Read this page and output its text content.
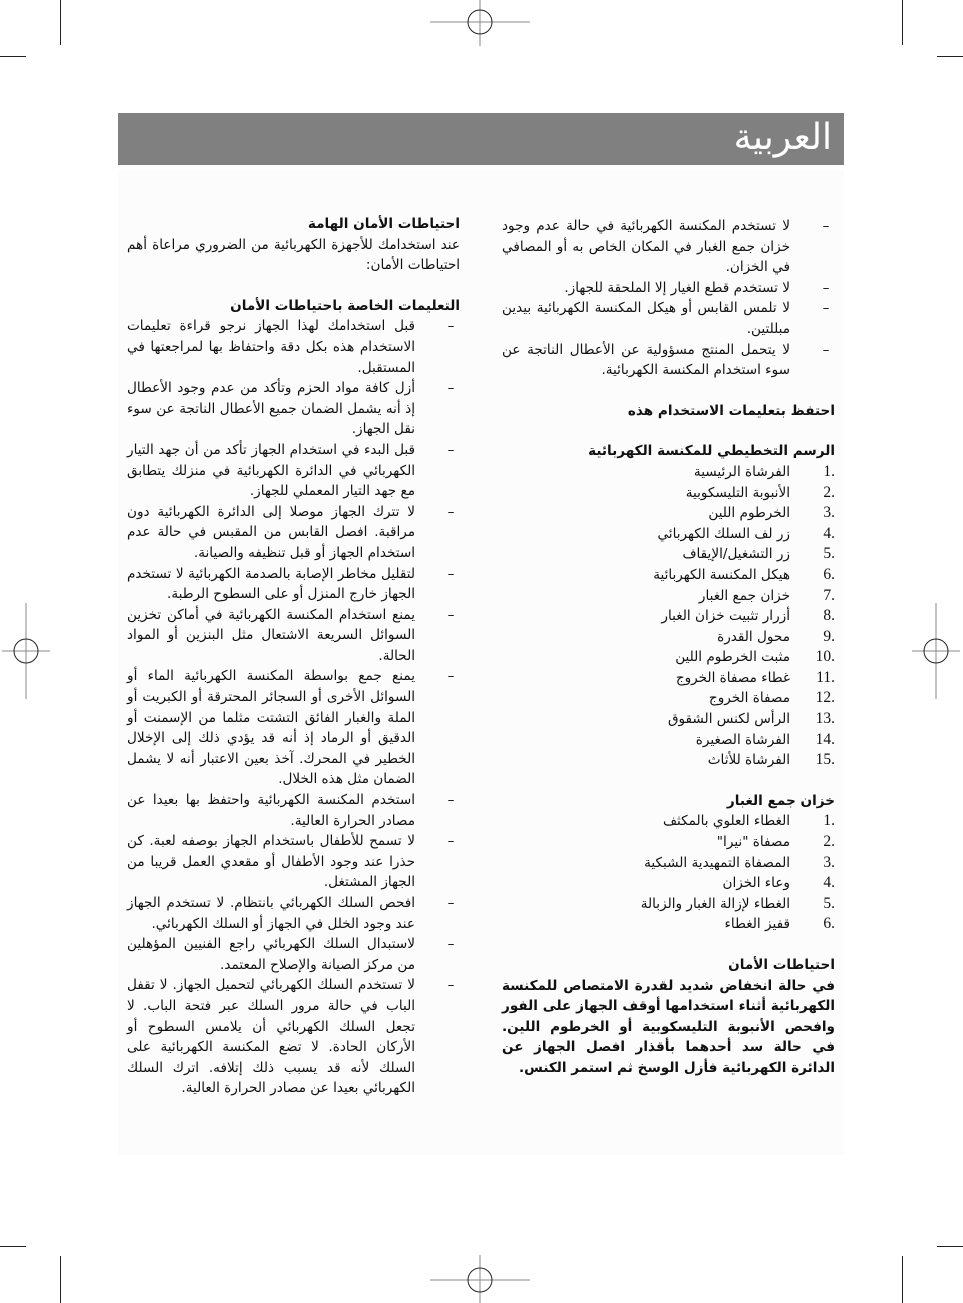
العربية
–
لا تستخدم المكنسة الكهربائية في حالة عدم وجود خزان جمع الغبار في المكان الخاص به أو المصافي في الخزان.
–
لا تستخدم قطع الغيار إلا الملحقة للجهاز.
–
لا تلمس القابس أو هيكل المكنسة الكهربائية بيدين مبللتين.
–
لا يتحمل المنتج مسؤولية عن الأعطال الناتجة عن سوء استخدام المكنسة الكهربائية.

احتفظ بتعليمات الاستخدام هذه

الرسم التخطيطي للمكنسة الكهربائية

1.
الفرشاة الرئيسية
2.
الأنبوبة التليسكوبية
3.
الخرطوم اللين
4.
زر لف السلك الكهربائي
5.
زر التشغيل/الإيقاف
6.
هيكل المكنسة الكهربائية
7.
خزان جمع الغبار
8.
أزرار تثبيت خزان الغبار
9.
محول القدرة
10.
مثبت الخرطوم اللين
11.
غطاء مصفاة الخروج
12.
مصفاة الخروج
13.
الرأس لكنس الشقوق
14.
الفرشاة الصغيرة
15.
الفرشاة للأثاث

خزان جمع الغبار

1.
الغطاء العلوي بالمكثف
2.
مصفاة "نيرا"
3.
المصفاة التمهيدية الشبكية
4.
وعاء الخزان
5.
الغطاء لإزالة الغبار والزبالة
6.
قفيز الغطاء

احتياطات الأمان

في حالة انخفاض شديد لقدرة الامتصاص للمكنسة الكهربائية أثناء استخدامها أوقف الجهاز على الفور وافحص الأنبوبة التليسكوبية أو الخرطوم اللين. في حالة سد أحدهما بأقذار افصل الجهاز عن الدائرة الكهربائية فأزل الوسخ ثم استمر الكنس.

احتياطات الأمان الهامة

عند استخدامك للأجهزة الكهربائية من الضروري مراعاة أهم احتياطات الأمان:

التعليمات الخاصة باحتياطات الأمان

–
قبل استخدامك لهذا الجهاز نرجو قراءة تعليمات الاستخدام هذه بكل دقة واحتفاظ بها لمراجعتها في المستقبل.
–
أزل كافة مواد الحزم وتأكد من عدم وجود الأعطال إذ أنه يشمل الضمان جميع الأعطال الناتجة عن سوء نقل الجهاز.
–
قبل البدء في استخدام الجهاز تأكد من أن جهد التيار الكهربائي في الدائرة الكهربائية في منزلك يتطابق مع جهد التيار المعملي للجهاز.
–
لا تترك الجهاز موصلا إلى الدائرة الكهربائية دون مراقبة. افصل القابس من المقبس في حالة عدم استخدام الجهاز أو قبل تنظيفه والصيانة.
–
لتقليل مخاطر الإصابة بالصدمة الكهربائية لا تستخدم الجهاز خارج المنزل أو على السطوح الرطبة.
–
يمنع استخدام المكنسة الكهربائية في أماكن تخزين السوائل السريعة الاشتعال مثل البنزين أو المواد الحالة.
–
يمنع جمع بواسطة المكنسة الكهربائية الماء أو السوائل الأخرى أو السجائر المحترقة أو الكبريت أو الملة والغبار الفائق التشتت مثلما من الإسمنت أو الدقيق أو الرماد إذ أنه قد يؤدي ذلك إلى الإخلال الخطير في المحرك. آخذ بعين الاعتبار أنه لا يشمل الضمان مثل هذه الخلال.
–
استخدم المكنسة الكهربائية واحتفظ بها بعيدا عن مصادر الحرارة العالية.
–
لا تسمح للأطفال باستخدام الجهاز بوصفه لعبة. كن حذرا عند وجود الأطفال أو مقعدي العمل قريبا من الجهاز المشتغل.
–
افحص السلك الكهربائي بانتظام. لا تستخدم الجهاز عند وجود الخلل في الجهاز أو السلك الكهربائي.
–
لاستبدال السلك الكهربائي راجع الفنيين المؤهلين من مركز الصيانة والإصلاح المعتمد.
–
لا تستخدم السلك الكهربائي لتحميل الجهاز. لا تقفل الباب في حالة مرور السلك عبر فتحة الباب. لا تجعل السلك الكهربائي أن يلامس السطوح أو الأركان الحادة. لا تضع المكنسة الكهربائية على السلك لأنه قد يسبب ذلك إتلافه. اترك السلك الكهربائي بعيدا عن مصادر الحرارة العالية.
